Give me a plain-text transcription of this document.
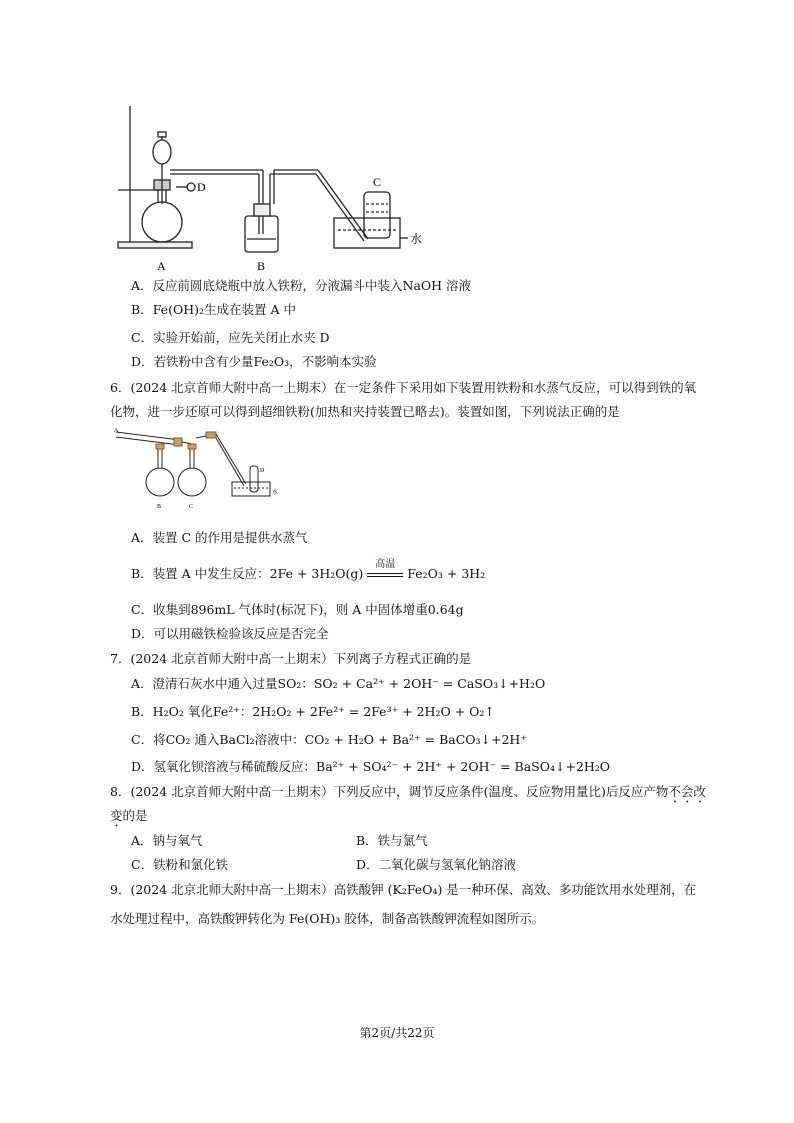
A	B
C
D
水
A．反应前圆底烧瓶中放入铁粉，分液漏斗中装入NaOH 溶液
B．Fe(OH)₂生成在装置 A 中
C．实验开始前，应先关闭止水夹 D
D．若铁粉中含有少量Fe₂O₃，不影响本实验
6．(2024 北京首师大附中高一上期末）在一定条件下采用如下装置用铁粉和水蒸气反应，可以得到铁的氧
化物，进一步还原可以得到超细铁粉(加热和夹持装置已略去)。装置如图，下列说法正确的是
A
B	C
D
水
A．装置 C 的作用是提供水蒸气
B．装置 A 中发生反应：2Fe + 3H₂O(g)
高温
Fe₂O₃ + 3H₂
C．收集到896mL 气体时(标况下)，则 A 中固体增重0.64g
D．可以用磁铁检验该反应是否完全
7．(2024 北京首师大附中高一上期末）下列离子方程式正确的是
A．澄清石灰水中通入过量SO₂：SO₂ + Ca²⁺ + 2OH⁻ = CaSO₃↓+H₂O
B．H₂O₂ 氧化Fe²⁺：2H₂O₂ + 2Fe²⁺ = 2Fe³⁺ + 2H₂O + O₂↑
C．将CO₂ 通入BaCl₂溶液中：CO₂ + H₂O + Ba²⁺ = BaCO₃↓+2H⁺
D．氢氧化钡溶液与稀硫酸反应：Ba²⁺ + SO₄²⁻ + 2H⁺ + 2OH⁻ = BaSO₄↓+2H₂O
8．(2024 北京首师大附中高一上期末）下列反应中，调节反应条件(温度、反应物用量比)后反应产物不会改
变的是
A．钠与氧气	B．铁与氯气
C．铁粉和氯化铁	D．二氧化碳与氢氧化钠溶液
9．(2024 北京北师大附中高一上期末）高铁酸钾 (K₂FeO₄) 是一种环保、高效、多功能饮用水处理剂，在
水处理过程中，高铁酸钾转化为 Fe(OH)₃ 胶体，制备高铁酸钾流程如图所示。
第2页/共22页
